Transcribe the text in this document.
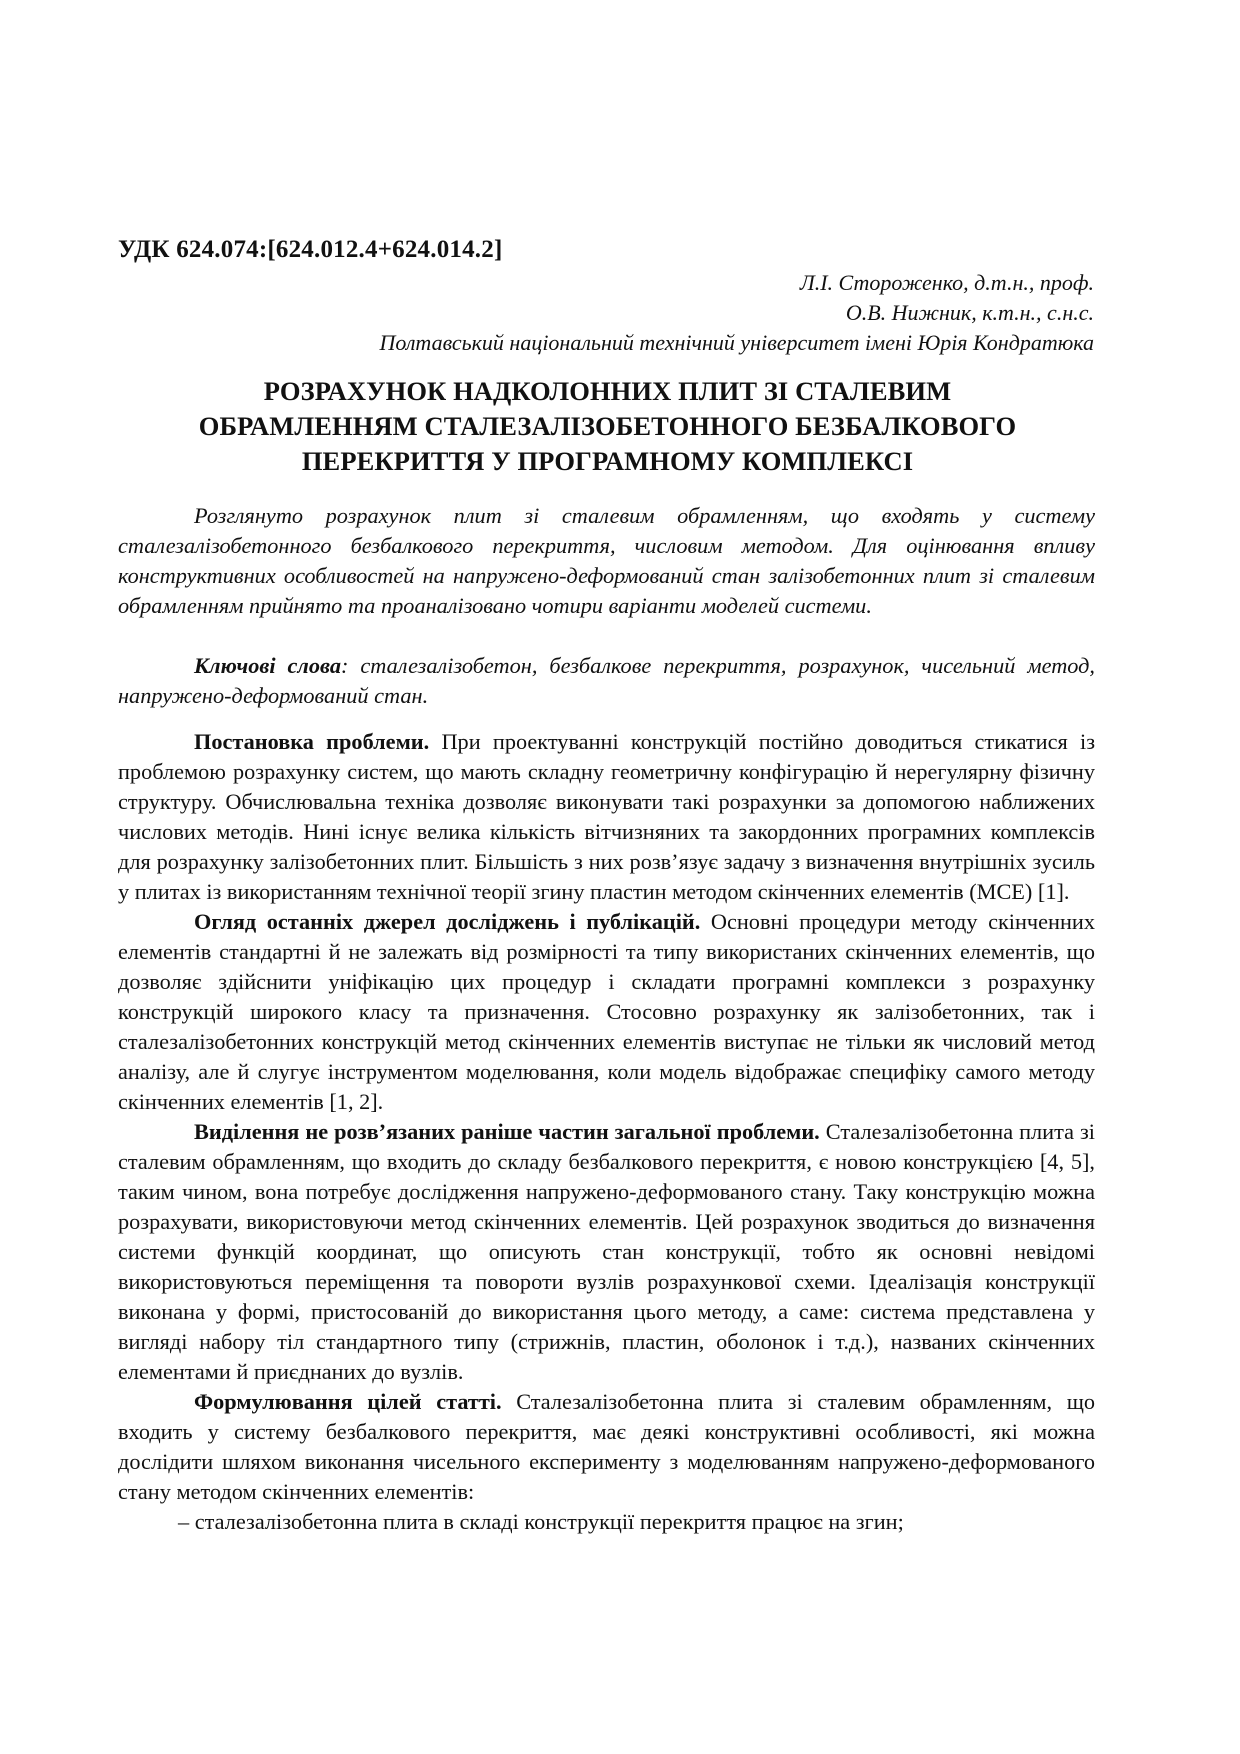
УДК 624.074:[624.012.4+624.014.2]
Л.І. Стороженко, д.т.н., проф.
О.В. Нижник, к.т.н., с.н.с.
Полтавський національний технічний університет імені Юрія Кондратюка
РОЗРАХУНОК НАДКОЛОННИХ ПЛИТ ЗІ СТАЛЕВИМ
ОБРАМЛЕННЯМ СТАЛЕЗАЛІЗОБЕТОННОГО БЕЗБАЛКОВОГО
ПЕРЕКРИТТЯ У ПРОГРАМНОМУ КОМПЛЕКСІ

Розглянуто розрахунок плит зі сталевим обрамленням, що входять у систему сталезалізобетонного безбалкового перекриття, числовим методом. Для оцінювання впливу конструктивних особливостей на напружено-деформований стан залізобетонних плит зі сталевим обрамленням прийнято та проаналізовано чотири варіанти моделей системи.

Ключові слова: сталезалізобетон, безбалкове перекриття, розрахунок, чисельний метод, напружено-деформований стан.

Постановка проблеми. При проектуванні конструкцій постійно доводиться стикатися із проблемою розрахунку систем, що мають складну геометричну конфігурацію й нерегулярну фізичну структуру. Обчислювальна техніка дозволяє виконувати такі розрахунки за допомогою наближених числових методів. Нині існує велика кількість вітчизняних та закордонних програмних комплексів для розрахунку залізобетонних плит. Більшість з них розв’язує задачу з визначення внутрішніх зусиль у плитах із використанням технічної теорії згину пластин методом скінченних елементів (МСЕ) [1].

Огляд останніх джерел досліджень і публікацій. Основні процедури методу скінченних елементів стандартні й не залежать від розмірності та типу використаних скінченних елементів, що дозволяє здійснити уніфікацію цих процедур і складати програмні комплекси з розрахунку конструкцій широкого класу та призначення. Стосовно розрахунку як залізобетонних, так і сталезалізобетонних конструкцій метод скінченних елементів виступає не тільки як числовий метод аналізу, але й слугує інструментом моделювання, коли модель відображає специфіку самого методу скінченних елементів [1, 2].

Виділення не розв’язаних раніше частин загальної проблеми. Сталезалізобетонна плита зі сталевим обрамленням, що входить до складу безбалкового перекриття, є новою конструкцією [4, 5], таким чином, вона потребує дослідження напружено-деформованого стану. Таку конструкцію можна розрахувати, використовуючи метод скінченних елементів. Цей розрахунок зводиться до визначення системи функцій координат, що описують стан конструкції, тобто як основні невідомі використовуються переміщення та повороти вузлів розрахункової схеми. Ідеалізація конструкції виконана у формі, пристосованій до використання цього методу, а саме: система представлена у вигляді набору тіл стандартного типу (стрижнів, пластин, оболонок і т.д.), названих скінченних елементами й приєднаних до вузлів.

Формулювання цілей статті. Сталезалізобетонна плита зі сталевим обрамленням, що входить у систему безбалкового перекриття, має деякі конструктивні особливості, які можна дослідити шляхом виконання чисельного експерименту з моделюванням напружено-деформованого стану методом скінченних елементів:

– сталезалізобетонна плита в складі конструкції перекриття працює на згин;
